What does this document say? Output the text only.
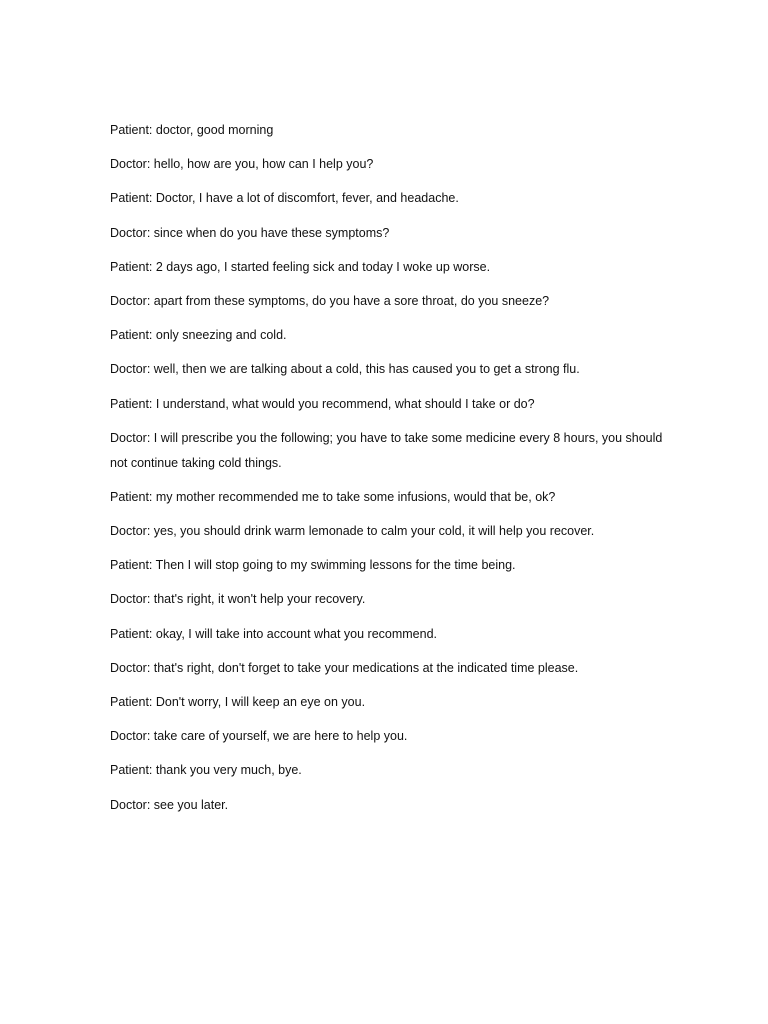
Patient: doctor, good morning

Doctor: hello, how are you, how can I help you?

Patient: Doctor, I have a lot of discomfort, fever, and headache.

Doctor: since when do you have these symptoms?

Patient: 2 days ago, I started feeling sick and today I woke up worse.

Doctor: apart from these symptoms, do you have a sore throat, do you sneeze?

Patient: only sneezing and cold.

Doctor: well, then we are talking about a cold, this has caused you to get a strong flu.

Patient: I understand, what would you recommend, what should I take or do?

Doctor: I will prescribe you the following; you have to take some medicine every 8 hours, you should not continue taking cold things.

Patient: my mother recommended me to take some infusions, would that be, ok?

Doctor: yes, you should drink warm lemonade to calm your cold, it will help you recover.

Patient: Then I will stop going to my swimming lessons for the time being.

Doctor: that's right, it won't help your recovery.

Patient: okay, I will take into account what you recommend.

Doctor: that's right, don't forget to take your medications at the indicated time please.

Patient: Don't worry, I will keep an eye on you.

Doctor: take care of yourself, we are here to help you.

Patient: thank you very much, bye.

Doctor: see you later.
